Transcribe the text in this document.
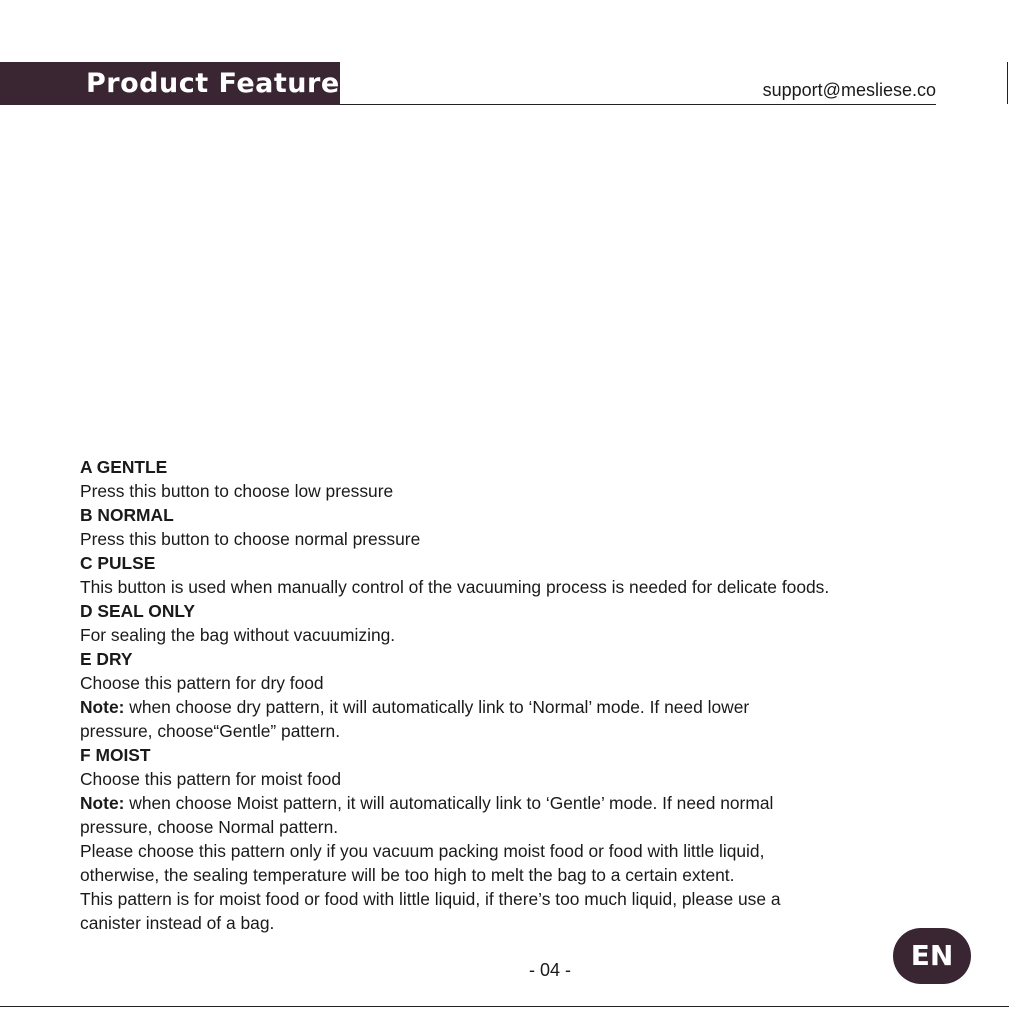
Product Features	support@mesliese.co
A GENTLE
Press this button to choose low pressure
B NORMAL
Press this button to choose normal pressure
C PULSE
This button is used when manually control of the vacuuming process is needed for delicate foods.
D SEAL ONLY
For sealing the bag without vacuumizing.
E DRY
Choose this pattern for dry food
Note: when choose dry pattern, it will automatically link to ‘Normal’ mode. If need lower
pressure, choose“Gentle” pattern.
F MOIST
Choose this pattern for moist food
Note: when choose Moist pattern, it will automatically link to ‘Gentle’ mode. If need normal
pressure, choose Normal pattern.
Please choose this pattern only if you vacuum packing moist food or food with little liquid,
otherwise, the sealing temperature will be too high to melt the bag to a certain extent.
This pattern is for moist food or food with little liquid, if there’s too much liquid, please use a
canister instead of a bag.
- 04 -	EN
